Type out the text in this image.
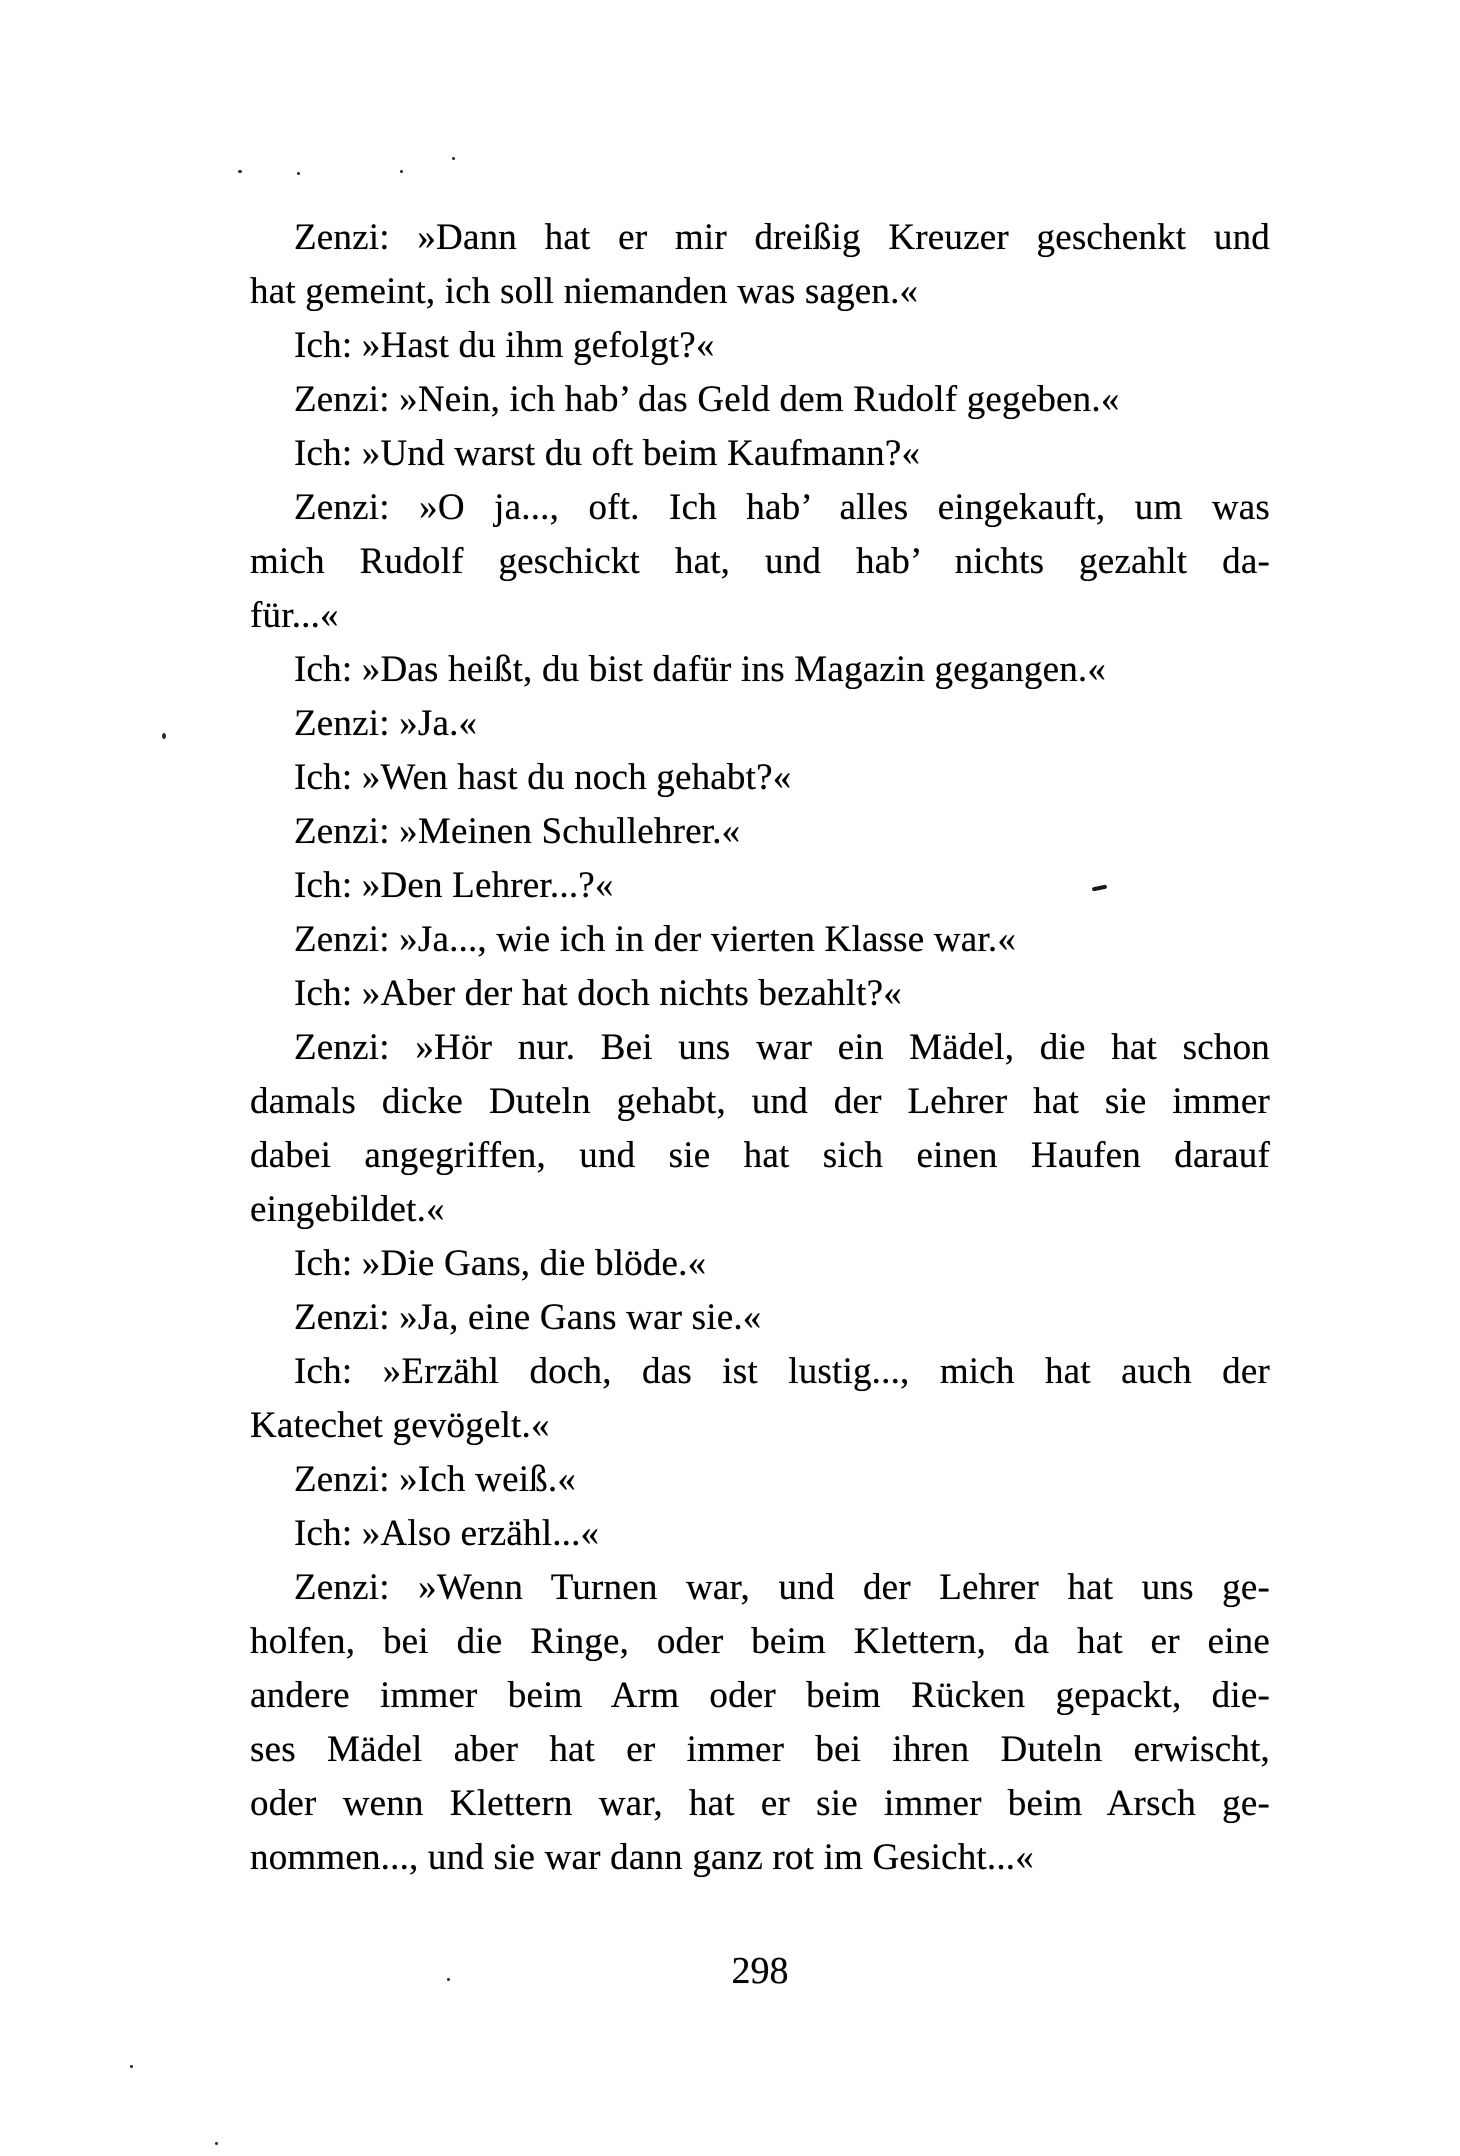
Zenzi: »Dann hat er mir dreißig Kreuzer geschenkt und
hat gemeint, ich soll niemanden was sagen.«
Ich: »Hast du ihm gefolgt?«
Zenzi: »Nein, ich hab’ das Geld dem Rudolf gegeben.«
Ich: »Und warst du oft beim Kaufmann?«
Zenzi: »O ja..., oft. Ich hab’ alles eingekauft, um was
mich Rudolf geschickt hat, und hab’ nichts gezahlt da-
für...«
Ich: »Das heißt, du bist dafür ins Magazin gegangen.«
Zenzi: »Ja.«
Ich: »Wen hast du noch gehabt?«
Zenzi: »Meinen Schullehrer.«
Ich: »Den Lehrer...?«
Zenzi: »Ja..., wie ich in der vierten Klasse war.«
Ich: »Aber der hat doch nichts bezahlt?«
Zenzi: »Hör nur. Bei uns war ein Mädel, die hat schon
damals dicke Duteln gehabt, und der Lehrer hat sie immer
dabei angegriffen, und sie hat sich einen Haufen darauf
eingebildet.«
Ich: »Die Gans, die blöde.«
Zenzi: »Ja, eine Gans war sie.«
Ich: »Erzähl doch, das ist lustig..., mich hat auch der
Katechet gevögelt.«
Zenzi: »Ich weiß.«
Ich: »Also erzähl...«
Zenzi: »Wenn Turnen war, und der Lehrer hat uns ge-
holfen, bei die Ringe, oder beim Klettern, da hat er eine
andere immer beim Arm oder beim Rücken gepackt, die-
ses Mädel aber hat er immer bei ihren Duteln erwischt,
oder wenn Klettern war, hat er sie immer beim Arsch ge-
nommen..., und sie war dann ganz rot im Gesicht...«
298
